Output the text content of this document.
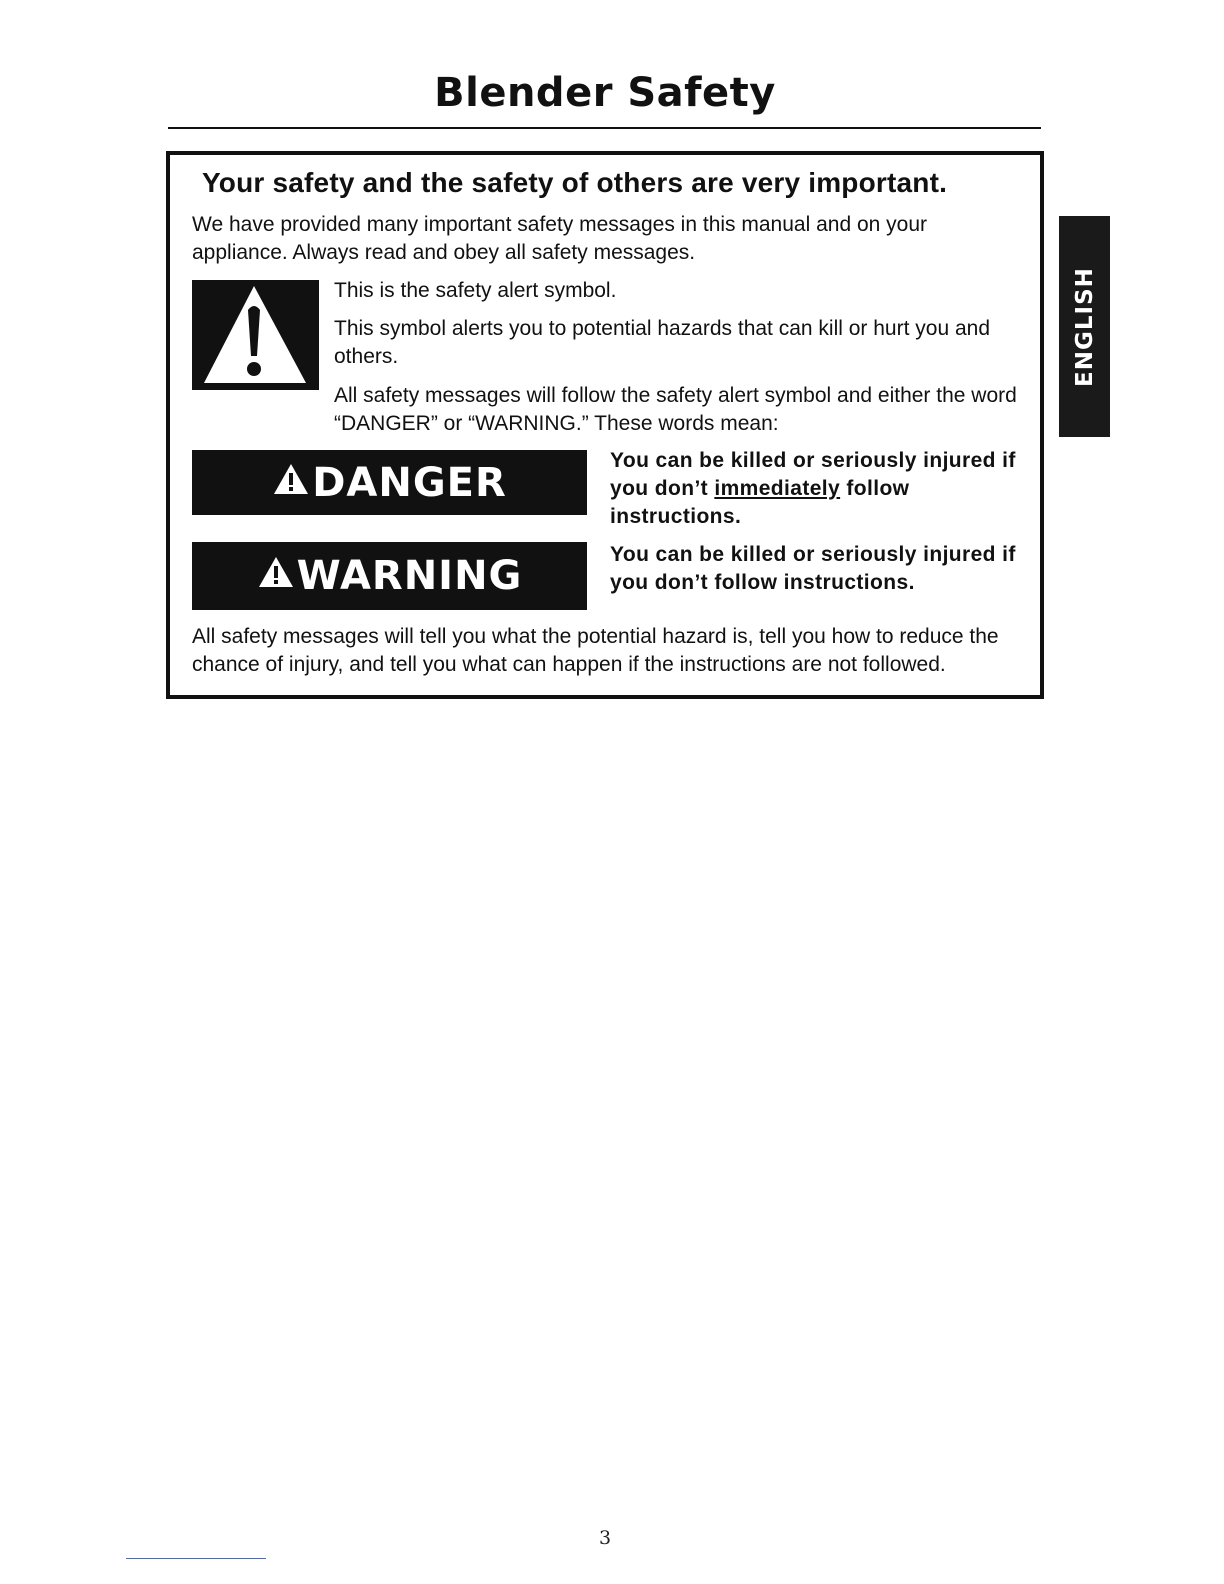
Blender Safety
Your safety and the safety of others are very important.
We have provided many important safety messages in this manual and on your appliance. Always read and obey all safety messages.

This is the safety alert symbol.

This symbol alerts you to potential hazards that can kill or hurt you and others.

All safety messages will follow the safety alert symbol and either the word “DANGER” or “WARNING.” These words mean:

DANGER	You can be killed or seriously injured if you don’t immediately follow instructions.
WARNING	You can be killed or seriously injured if you don’t follow instructions.
All safety messages will tell you what the potential hazard is, tell you how to reduce the chance of injury, and tell you what can happen if the instructions are not followed.
ENGLISH
3
